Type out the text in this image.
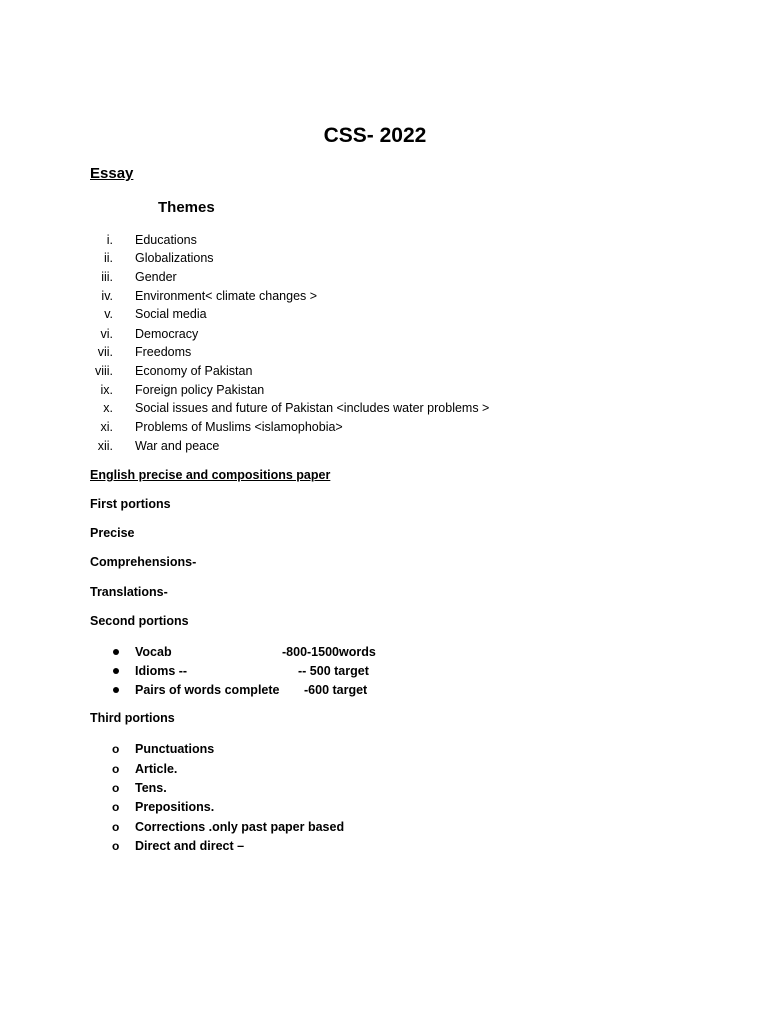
CSS- 2022
Essay
Themes
i. Educations
ii. Globalizations
iii. Gender
iv. Environment< climate changes >
v. Social media
vi. Democracy
vii. Freedoms
viii. Economy of Pakistan
ix. Foreign policy Pakistan
x. Social issues and future of Pakistan <includes water problems >
xi. Problems of Muslims <islamophobia>
xii. War and peace
English precise and compositions paper
First portions
Precise
Comprehensions-
Translations-
Second portions
Vocab	-800-1500words
Idioms --	-- 500 target
Pairs of words complete -600 target
Third portions
o Punctuations
o Article.
o Tens.
o Prepositions.
o Corrections .only past paper based
o Direct and direct –
